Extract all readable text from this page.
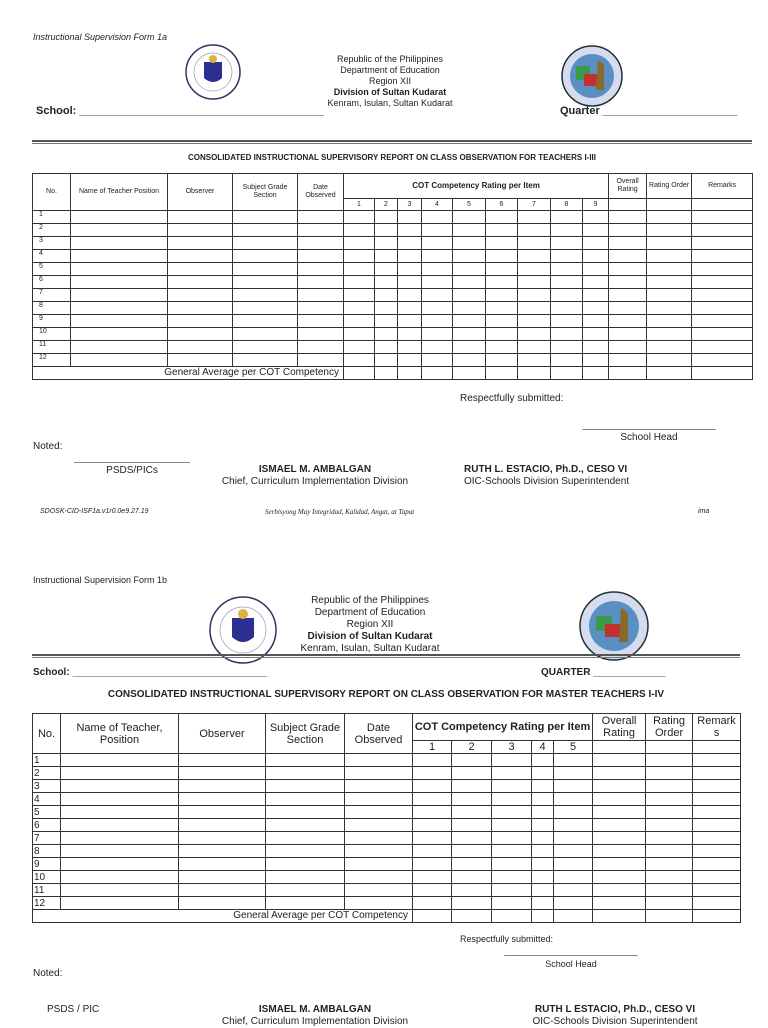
Instructional Supervision Form 1a
Republic of the Philippines
Department of Education
Region XII
Division of Sultan Kudarat
Kenram, Isulan, Sultan Kudarat
School: ________________________________________	Quarter ______________________
CONSOLIDATED INSTRUCTIONAL SUPERVISORY REPORT ON CLASS OBSERVATION FOR TEACHERS I-III
No.	Name of Teacher Position	Observer	Subject Grade Section	Date Observed	COT Competency Rating per Item									Overall Rating	Rating Order	Remarks
					1	2	3	4	5	6	7	8	9			
1																
2																
3																
4																
5																
6																
7																
8																
9																
10																
11																
12																
General Average per COT Competency																
Respectfully submitted:
______________________________
School Head
Noted:
__________________________
PSDS/PICs	ISMAEL M. AMBALGAN
Chief, Curriculum Implementation Division
RUTH L. ESTACIO, Ph.D., CESO VI
OIC-Schools Division Superintendent
SDOSK-CID-ISF1a.v1r0.0e9.27.19	Serbisyong May Integridad, Kalidad, Angat, at Tapat	ima
Instructional Supervision Form 1b
Republic of the Philippines
Department of Education
Region XII
Division of Sultan Kudarat
Kenram, Isulan, Sultan Kudarat
School: ___________________________________	QUARTER _____________
CONSOLIDATED INSTRUCTIONAL SUPERVISORY REPORT ON CLASS OBSERVATION FOR MASTER TEACHERS I-IV
No.	Name of Teacher, Position	Observer	Subject Grade Section	Date Observed	COT Competency Rating per Item					Overall Rating	Rating Order	Remark s
					1	2	3	4	5			
1												
2												
3												
4												
5												
6												
7												
8												
9												
10												
11												
12												
General Average per COT Competency												
Respectfully submitted:
______________________________
School Head
Noted:
PSDS / PIC	ISMAEL M. AMBALGAN
Chief, Curriculum Implementation Division
RUTH L ESTACIO, Ph.D., CESO VI
OIC-Schools Division Superintendent
